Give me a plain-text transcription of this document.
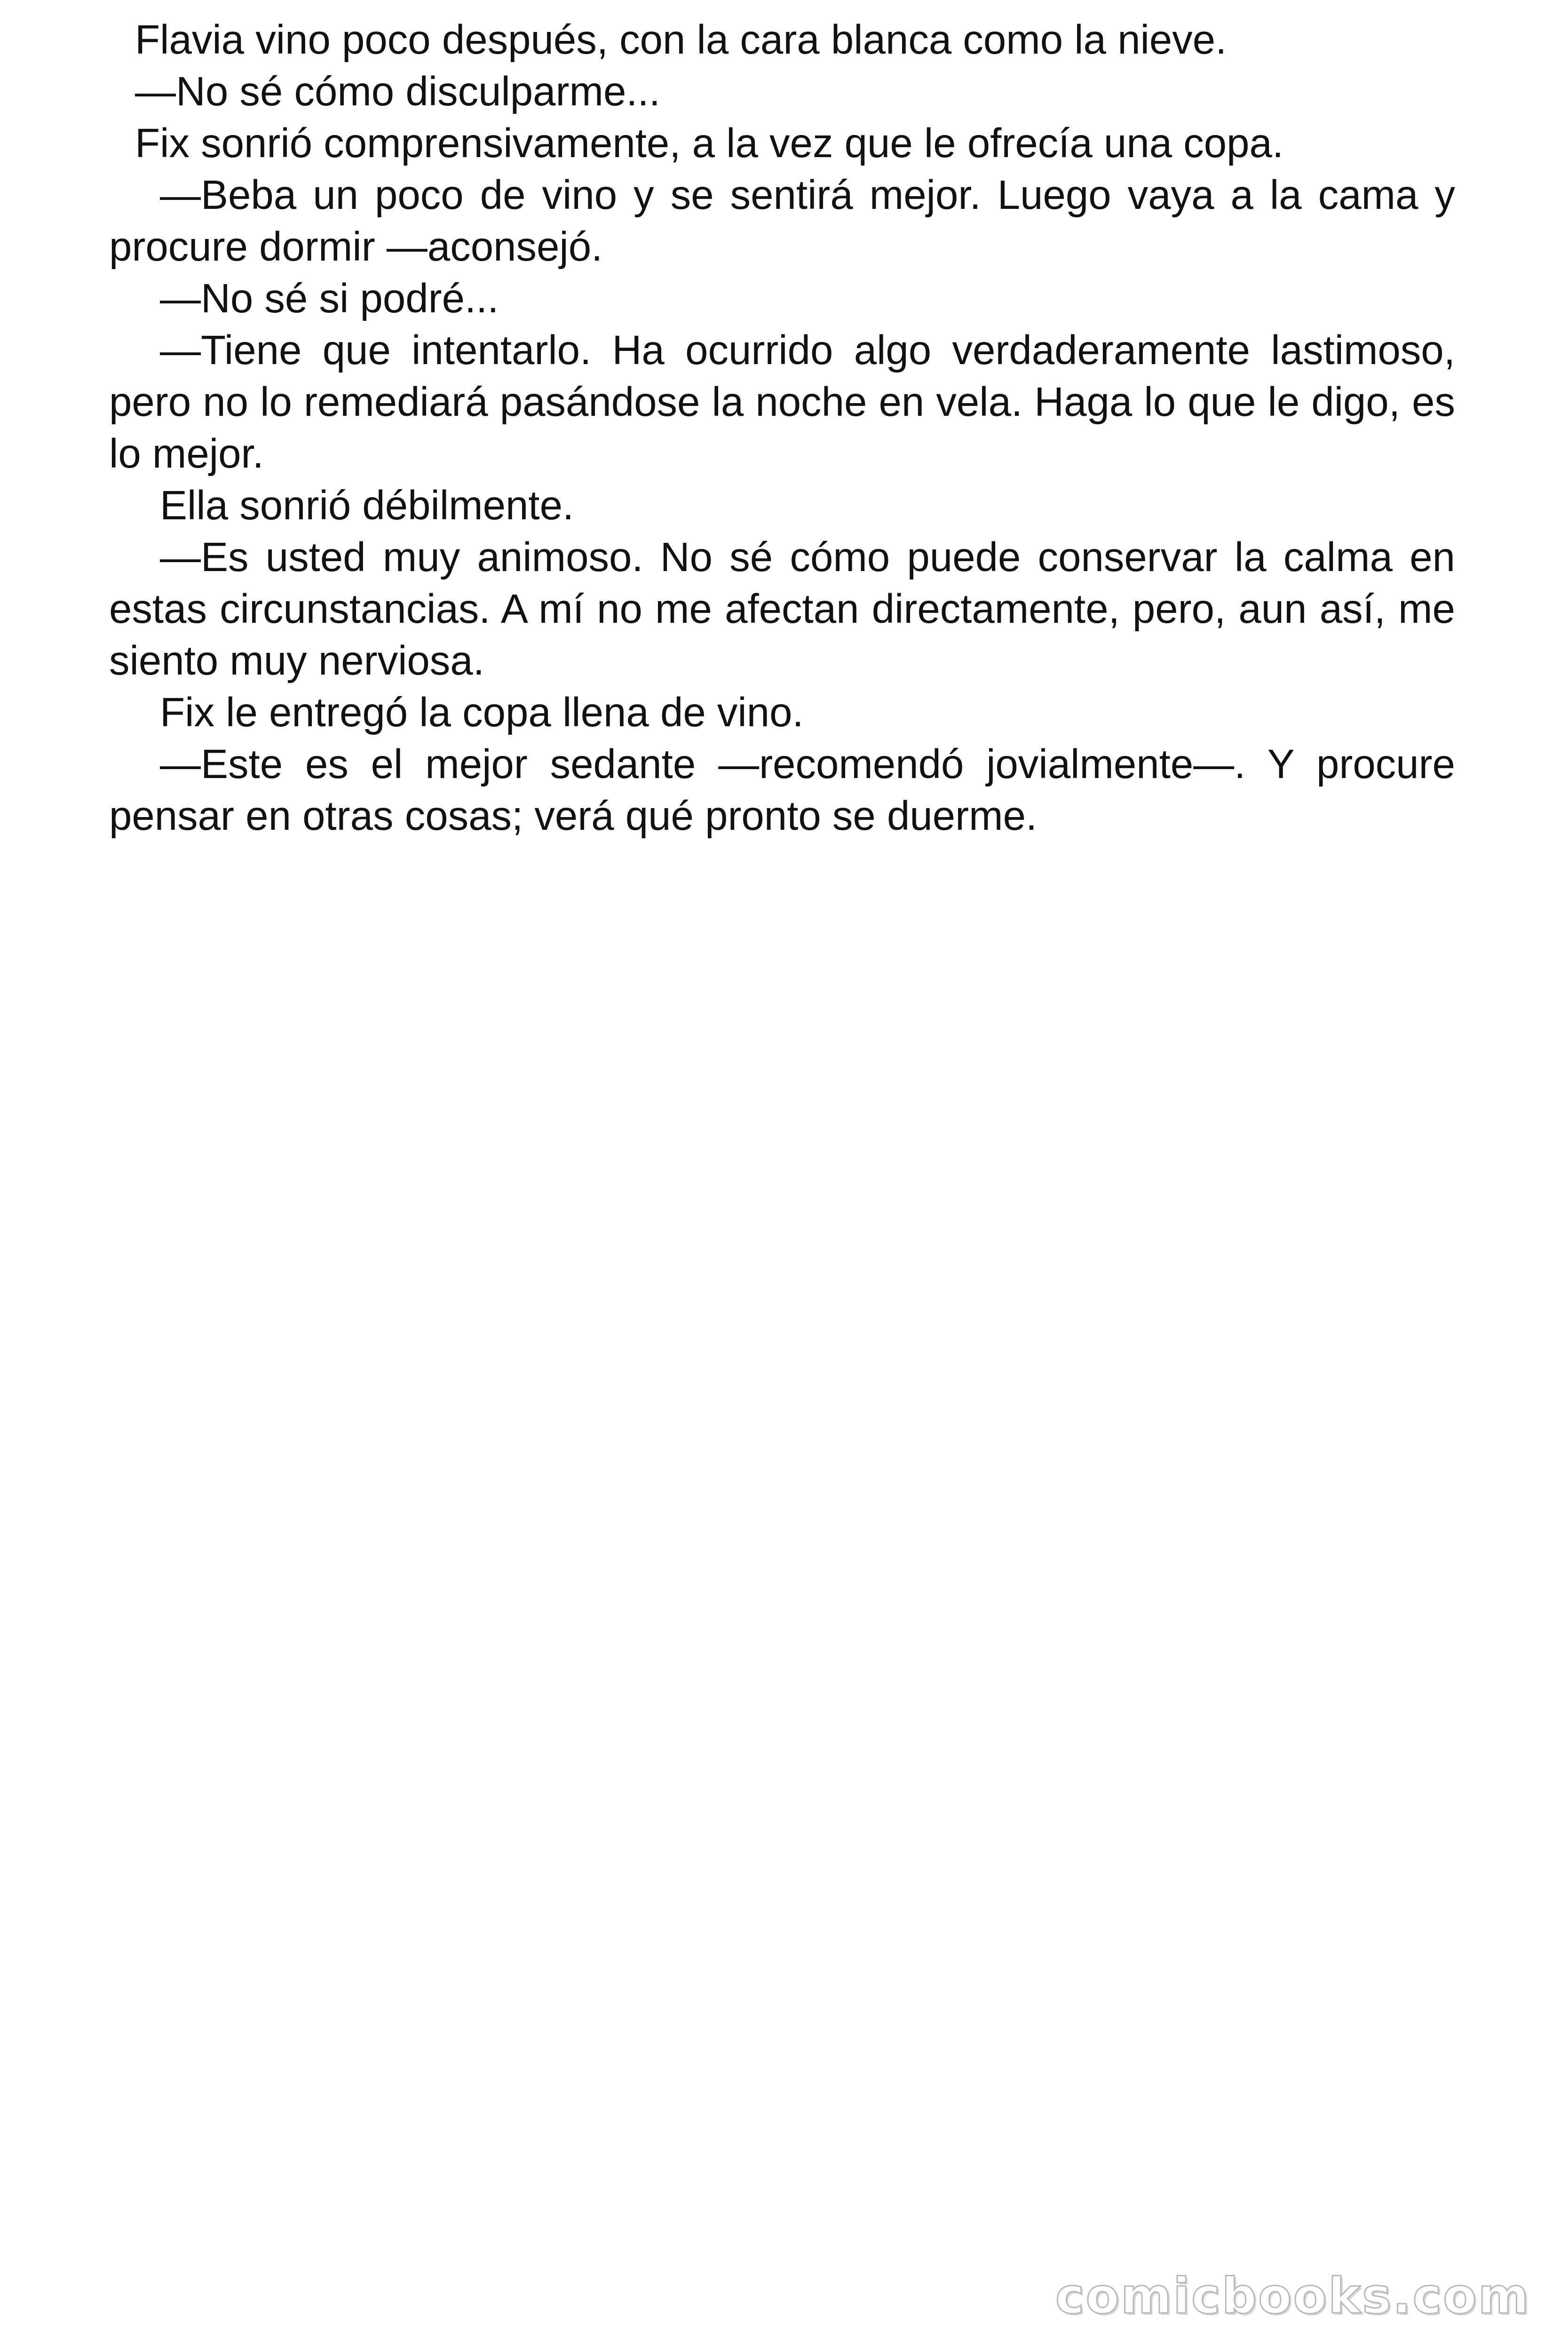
Flavia vino poco después, con la cara blanca como la nieve.

—No sé cómo disculparme...

Fix sonrió comprensivamente, a la vez que le ofrecía una copa.

—Beba un poco de vino y se sentirá mejor. Luego vaya a la cama y procure dormir —aconsejó.

—No sé si podré...

—Tiene que intentarlo. Ha ocurrido algo verdaderamente lastimoso, pero no lo remediará pasándose la noche en vela. Haga lo que le digo, es lo mejor.

Ella sonrió débilmente.

—Es usted muy animoso. No sé cómo puede conservar la calma en estas circunstancias. A mí no me afectan directamente, pero, aun así, me siento muy nerviosa.

Fix le entregó la copa llena de vino.

—Este es el mejor sedante —recomendó jovialmente—. Y procure pensar en otras cosas; verá qué pronto se duerme.

comicbooks.com
